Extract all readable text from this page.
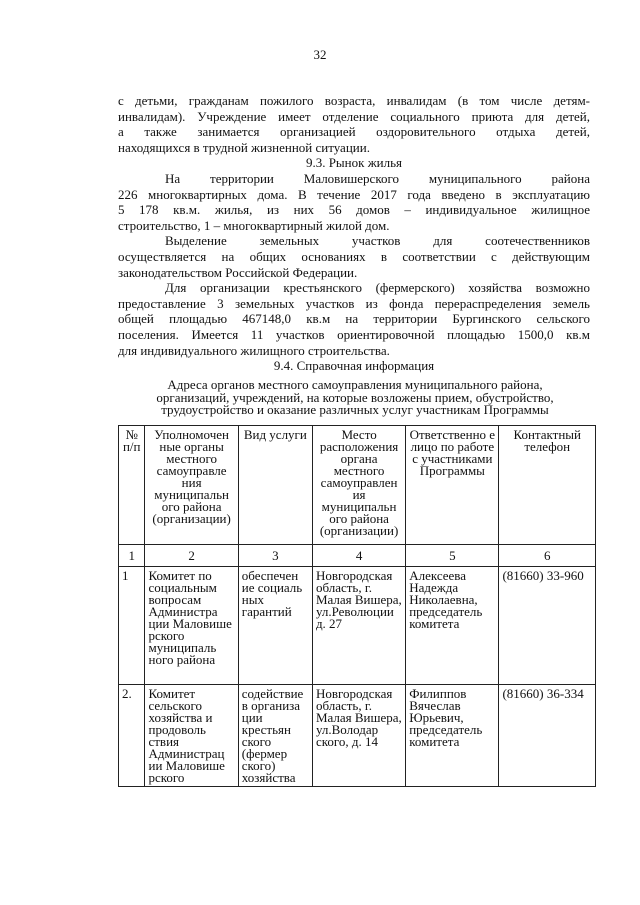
32
с детьми, гражданам пожилого возраста, инвалидам (в том числе детям-
инвалидам). Учреждение имеет отделение социального приюта для детей,
а также занимается организацией оздоровительного отдыха детей,
находящихся в трудной жизненной ситуации.
9.3. Рынок жилья
На территории Маловишерского муниципального района
226 многоквартирных дома. В течение 2017 года введено в эксплуатацию
5 178 кв.м. жилья, из них 56 домов – индивидуальное жилищное
строительство, 1 – многоквартирный жилой дом.
Выделение земельных участков для соотечественников
осуществляется на общих основаниях в соответствии с действующим
законодательством Российской Федерации.
Для организации крестьянского (фермерского) хозяйства возможно
предоставление 3 земельных участков из фонда перераспределения земель
общей площадью 467148,0 кв.м на территории Бургинского сельского
поселения. Имеется 11 участков ориентировочной площадью 1500,0 кв.м
для индивидуального жилищного строительства.
9.4. Справочная информация
Адреса органов местного самоуправления муниципального района,
организаций, учреждений, на которые возложены прием, обустройство,
трудоустройство и оказание различных услуг участникам Программы
№ п/п	Уполномочен ные органы местного самоуправле ния муниципальн ого района (организации)	Вид услуги	Место расположения органа местного самоуправлен ия муниципальн ого района (организации)	Ответственно е лицо по работе с участниками Программы	Контактный телефон
1	2	3	4	5	6
1	Комитет по социальным вопросам Администра ции Маловише рского муниципаль ного района	обеспечен ие социаль ных гарантий	Новгородская область, г. Малая Вишера, ул.Революции д. 27	Алексеева Надежда Николаевна, председатель комитета	(81660) 33-960
2.	Комитет сельского хозяйства и продоволь ствия Администрац ии Маловише рского	содействие в организа ции крестьян ского (фермер ского) хозяйства	Новгородская область, г. Малая Вишера, ул.Володар ского, д. 14	Филиппов Вячеслав Юрьевич, председатель комитета	(81660) 36-334
